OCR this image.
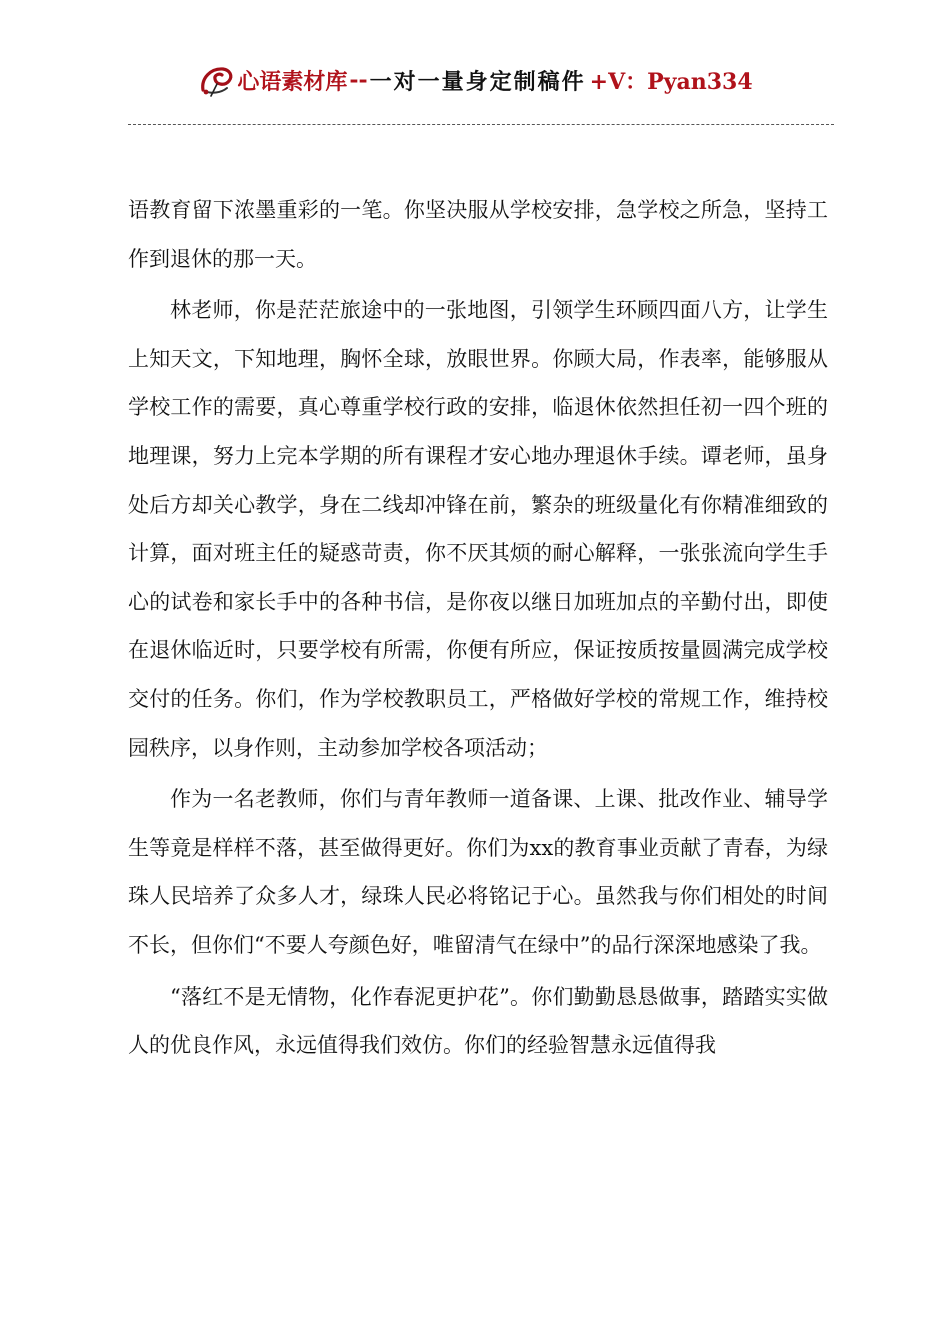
心语素材库 -- 一对一量身定制稿件 +V：Pyan334

语教育留下浓墨重彩的一笔。你坚决服从学校安排，急学校之所急，坚持工作到退休的那一天。

林老师，你是茫茫旅途中的一张地图，引领学生环顾四面八方，让学生上知天文，下知地理，胸怀全球，放眼世界。你顾大局，作表率，能够服从学校工作的需要，真心尊重学校行政的安排，临退休依然担任初一四个班的地理课，努力上完本学期的所有课程才安心地办理退休手续。谭老师，虽身处后方却关心教学，身在二线却冲锋在前，繁杂的班级量化有你精准细致的计算，面对班主任的疑惑苛责，你不厌其烦的耐心解释，一张张流向学生手心的试卷和家长手中的各种书信，是你夜以继日加班加点的辛勤付出，即使在退休临近时，只要学校有所需，你便有所应，保证按质按量圆满完成学校交付的任务。你们，作为学校教职员工，严格做好学校的常规工作，维持校园秩序，以身作则，主动参加学校各项活动；

作为一名老教师，你们与青年教师一道备课、上课、批改作业、辅导学生等竟是样样不落，甚至做得更好。你们为xx的教育事业贡献了青春，为绿珠人民培养了众多人才，绿珠人民必将铭记于心。虽然我与你们相处的时间不长，但你们“不要人夸颜色好，唯留清气在绿中”的品行深深地感染了我。

“落红不是无情物，化作春泥更护花”。你们勤勤恳恳做事，踏踏实实做人的优良作风，永远值得我们效仿。你们的经验智慧永远值得我
